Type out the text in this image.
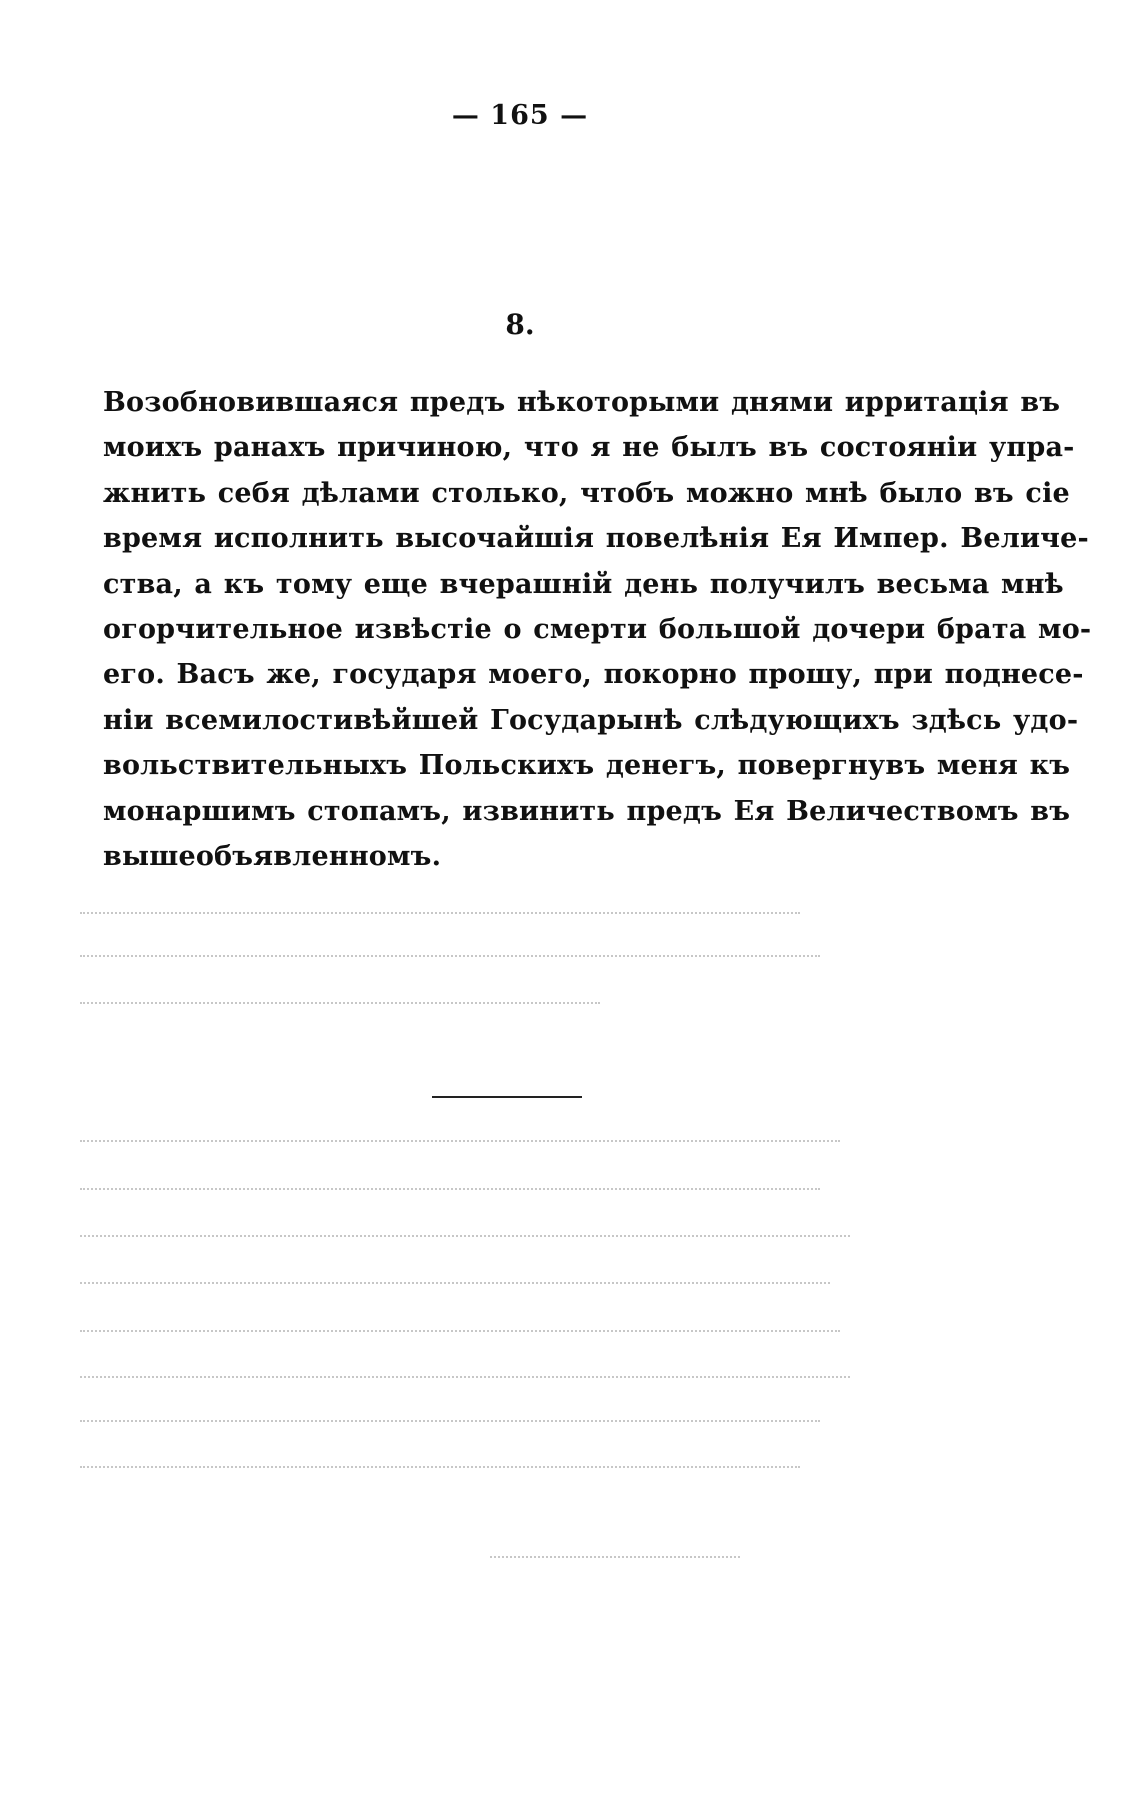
— 165 —
8.
Возобновившаяся предъ нѣкоторыми днями ирритація въ
моихъ ранахъ причиною, что я не былъ въ состояніи упра-
жнить себя дѣлами столько, чтобъ можно мнѣ было въ сіе
время исполнить высочайшія повелѣнія Ея Импер. Величе-
ства, а къ тому еще вчерашній день получилъ весьма мнѣ
огорчительное извѣстіе о смерти большой дочери брата мо-
его. Васъ же, государя моего, покорно прошу, при поднесе-
ніи всемилостивѣйшей Государынѣ слѣдующихъ здѣсь удо-
вольствительныхъ Польскихъ денегъ, повергнувъ меня къ
монаршимъ стопамъ, извинить предъ Ея Величествомъ въ
вышеобъявленномъ.
